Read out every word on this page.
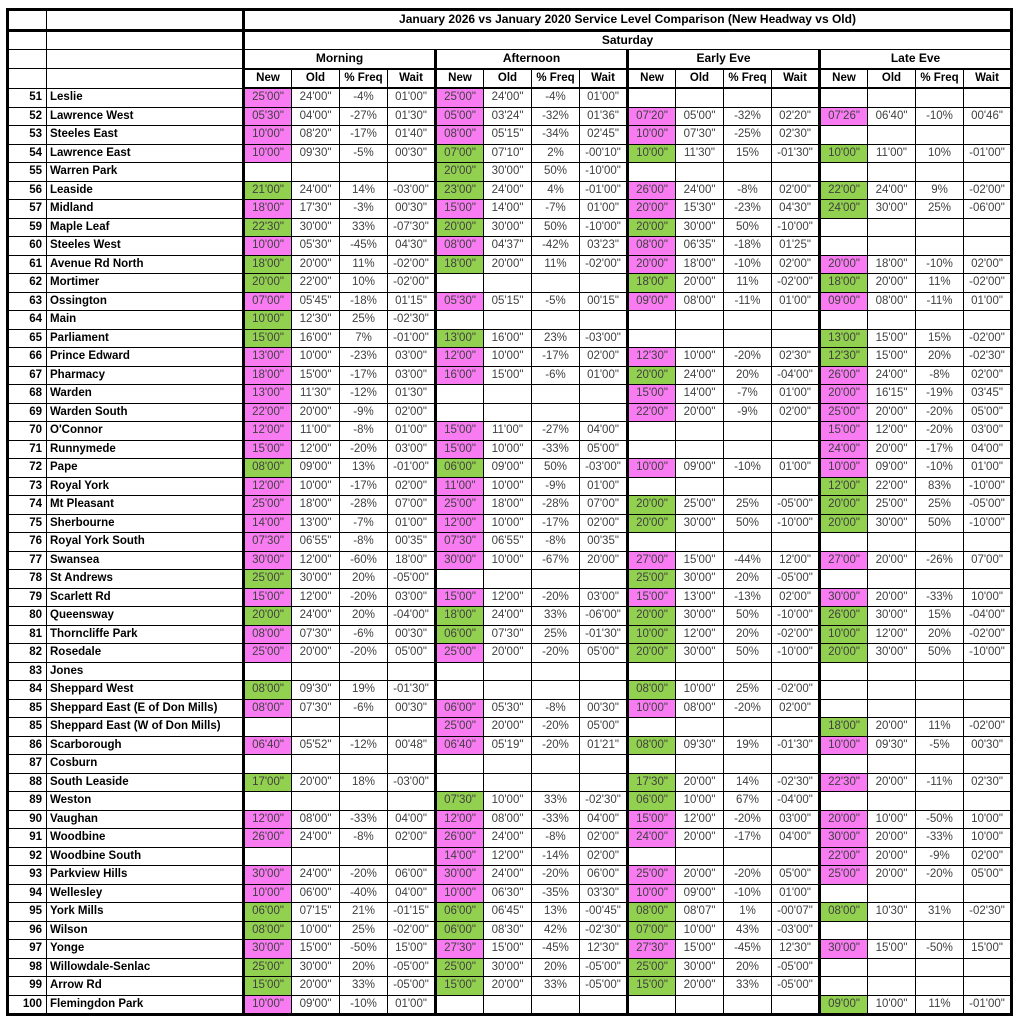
		January 2026 vs January 2020 Service Level Comparison (New Headway vs Old)															
		Saturday															
		Morning				Afternoon				Early Eve				Late Eve			
		New	Old	% Freq	Wait	New	Old	% Freq	Wait	New	Old	% Freq	Wait	New	Old	% Freq	Wait
51	Leslie	25'00"	24'00"	-4%	01'00"	25'00"	24'00"	-4%	01'00"								
52	Lawrence West	05'30"	04'00"	-27%	01'30"	05'00"	03'24"	-32%	01'36"	07'20"	05'00"	-32%	02'20"	07'26"	06'40"	-10%	00'46"
53	Steeles East	10'00"	08'20"	-17%	01'40"	08'00"	05'15"	-34%	02'45"	10'00"	07'30"	-25%	02'30"				
54	Lawrence East	10'00"	09'30"	-5%	00'30"	07'00"	07'10"	2%	-00'10"	10'00"	11'30"	15%	-01'30"	10'00"	11'00"	10%	-01'00"
55	Warren Park					20'00"	30'00"	50%	-10'00"								
56	Leaside	21'00"	24'00"	14%	-03'00"	23'00"	24'00"	4%	-01'00"	26'00"	24'00"	-8%	02'00"	22'00"	24'00"	9%	-02'00"
57	Midland	18'00"	17'30"	-3%	00'30"	15'00"	14'00"	-7%	01'00"	20'00"	15'30"	-23%	04'30"	24'00"	30'00"	25%	-06'00"
59	Maple Leaf	22'30"	30'00"	33%	-07'30"	20'00"	30'00"	50%	-10'00"	20'00"	30'00"	50%	-10'00"				
60	Steeles West	10'00"	05'30"	-45%	04'30"	08'00"	04'37"	-42%	03'23"	08'00"	06'35"	-18%	01'25"				
61	Avenue Rd North	18'00"	20'00"	11%	-02'00"	18'00"	20'00"	11%	-02'00"	20'00"	18'00"	-10%	02'00"	20'00"	18'00"	-10%	02'00"
62	Mortimer	20'00"	22'00"	10%	-02'00"					18'00"	20'00"	11%	-02'00"	18'00"	20'00"	11%	-02'00"
63	Ossington	07'00"	05'45"	-18%	01'15"	05'30"	05'15"	-5%	00'15"	09'00"	08'00"	-11%	01'00"	09'00"	08'00"	-11%	01'00"
64	Main	10'00"	12'30"	25%	-02'30"												
65	Parliament	15'00"	16'00"	7%	-01'00"	13'00"	16'00"	23%	-03'00"					13'00"	15'00"	15%	-02'00"
66	Prince Edward	13'00"	10'00"	-23%	03'00"	12'00"	10'00"	-17%	02'00"	12'30"	10'00"	-20%	02'30"	12'30"	15'00"	20%	-02'30"
67	Pharmacy	18'00"	15'00"	-17%	03'00"	16'00"	15'00"	-6%	01'00"	20'00"	24'00"	20%	-04'00"	26'00"	24'00"	-8%	02'00"
68	Warden	13'00"	11'30"	-12%	01'30"					15'00"	14'00"	-7%	01'00"	20'00"	16'15"	-19%	03'45"
69	Warden South	22'00"	20'00"	-9%	02'00"					22'00"	20'00"	-9%	02'00"	25'00"	20'00"	-20%	05'00"
70	O'Connor	12'00"	11'00"	-8%	01'00"	15'00"	11'00"	-27%	04'00"					15'00"	12'00"	-20%	03'00"
71	Runnymede	15'00"	12'00"	-20%	03'00"	15'00"	10'00"	-33%	05'00"					24'00"	20'00"	-17%	04'00"
72	Pape	08'00"	09'00"	13%	-01'00"	06'00"	09'00"	50%	-03'00"	10'00"	09'00"	-10%	01'00"	10'00"	09'00"	-10%	01'00"
73	Royal York	12'00"	10'00"	-17%	02'00"	11'00"	10'00"	-9%	01'00"					12'00"	22'00"	83%	-10'00"
74	Mt Pleasant	25'00"	18'00"	-28%	07'00"	25'00"	18'00"	-28%	07'00"	20'00"	25'00"	25%	-05'00"	20'00"	25'00"	25%	-05'00"
75	Sherbourne	14'00"	13'00"	-7%	01'00"	12'00"	10'00"	-17%	02'00"	20'00"	30'00"	50%	-10'00"	20'00"	30'00"	50%	-10'00"
76	Royal York South	07'30"	06'55"	-8%	00'35"	07'30"	06'55"	-8%	00'35"								
77	Swansea	30'00"	12'00"	-60%	18'00"	30'00"	10'00"	-67%	20'00"	27'00"	15'00"	-44%	12'00"	27'00"	20'00"	-26%	07'00"
78	St Andrews	25'00"	30'00"	20%	-05'00"					25'00"	30'00"	20%	-05'00"				
79	Scarlett Rd	15'00"	12'00"	-20%	03'00"	15'00"	12'00"	-20%	03'00"	15'00"	13'00"	-13%	02'00"	30'00"	20'00"	-33%	10'00"
80	Queensway	20'00"	24'00"	20%	-04'00"	18'00"	24'00"	33%	-06'00"	20'00"	30'00"	50%	-10'00"	26'00"	30'00"	15%	-04'00"
81	Thorncliffe Park	08'00"	07'30"	-6%	00'30"	06'00"	07'30"	25%	-01'30"	10'00"	12'00"	20%	-02'00"	10'00"	12'00"	20%	-02'00"
82	Rosedale	25'00"	20'00"	-20%	05'00"	25'00"	20'00"	-20%	05'00"	20'00"	30'00"	50%	-10'00"	20'00"	30'00"	50%	-10'00"
83	Jones																
84	Sheppard West	08'00"	09'30"	19%	-01'30"					08'00"	10'00"	25%	-02'00"				
85	Sheppard East (E of Don Mills)	08'00"	07'30"	-6%	00'30"	06'00"	05'30"	-8%	00'30"	10'00"	08'00"	-20%	02'00"				
85	Sheppard East (W of Don Mills)					25'00"	20'00"	-20%	05'00"					18'00"	20'00"	11%	-02'00"
86	Scarborough	06'40"	05'52"	-12%	00'48"	06'40"	05'19"	-20%	01'21"	08'00"	09'30"	19%	-01'30"	10'00"	09'30"	-5%	00'30"
87	Cosburn																
88	South Leaside	17'00"	20'00"	18%	-03'00"					17'30"	20'00"	14%	-02'30"	22'30"	20'00"	-11%	02'30"
89	Weston					07'30"	10'00"	33%	-02'30"	06'00"	10'00"	67%	-04'00"				
90	Vaughan	12'00"	08'00"	-33%	04'00"	12'00"	08'00"	-33%	04'00"	15'00"	12'00"	-20%	03'00"	20'00"	10'00"	-50%	10'00"
91	Woodbine	26'00"	24'00"	-8%	02'00"	26'00"	24'00"	-8%	02'00"	24'00"	20'00"	-17%	04'00"	30'00"	20'00"	-33%	10'00"
92	Woodbine South					14'00"	12'00"	-14%	02'00"					22'00"	20'00"	-9%	02'00"
93	Parkview Hills	30'00"	24'00"	-20%	06'00"	30'00"	24'00"	-20%	06'00"	25'00"	20'00"	-20%	05'00"	25'00"	20'00"	-20%	05'00"
94	Wellesley	10'00"	06'00"	-40%	04'00"	10'00"	06'30"	-35%	03'30"	10'00"	09'00"	-10%	01'00"				
95	York Mills	06'00"	07'15"	21%	-01'15"	06'00"	06'45"	13%	-00'45"	08'00"	08'07"	1%	-00'07"	08'00"	10'30"	31%	-02'30"
96	Wilson	08'00"	10'00"	25%	-02'00"	06'00"	08'30"	42%	-02'30"	07'00"	10'00"	43%	-03'00"				
97	Yonge	30'00"	15'00"	-50%	15'00"	27'30"	15'00"	-45%	12'30"	27'30"	15'00"	-45%	12'30"	30'00"	15'00"	-50%	15'00"
98	Willowdale-Senlac	25'00"	30'00"	20%	-05'00"	25'00"	30'00"	20%	-05'00"	25'00"	30'00"	20%	-05'00"				
99	Arrow Rd	15'00"	20'00"	33%	-05'00"	15'00"	20'00"	33%	-05'00"	15'00"	20'00"	33%	-05'00"				
100	Flemingdon Park	10'00"	09'00"	-10%	01'00"									09'00"	10'00"	11%	-01'00"
